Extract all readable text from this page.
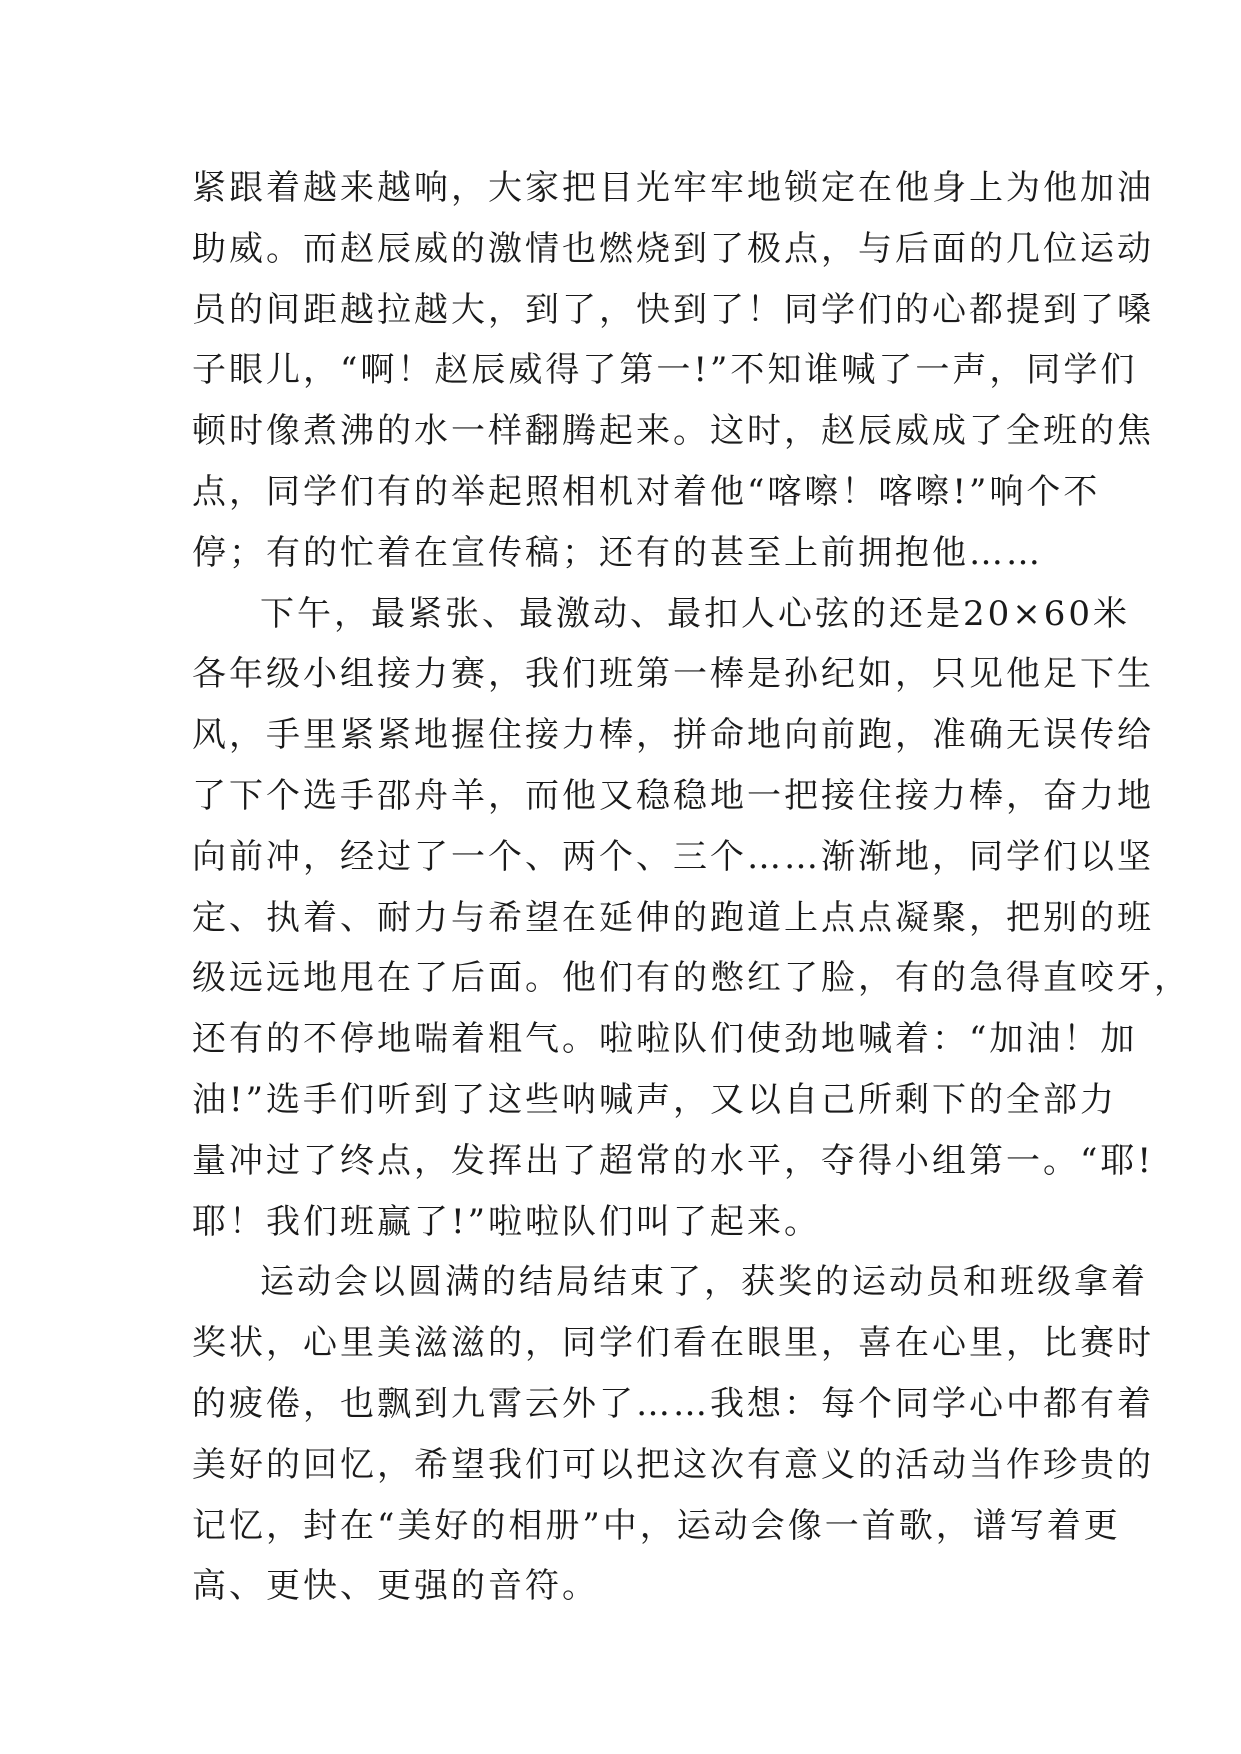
紧跟着越来越响，大家把目光牢牢地锁定在他身上为他加油
助威。而赵辰威的激情也燃烧到了极点，与后面的几位运动
员的间距越拉越大，到了，快到了！同学们的心都提到了嗓
子眼儿，“啊！赵辰威得了第一!”不知谁喊了一声，同学们
顿时像煮沸的水一样翻腾起来。这时，赵辰威成了全班的焦
点，同学们有的举起照相机对着他“喀嚓！喀嚓!”响个不
停；有的忙着在宣传稿；还有的甚至上前拥抱他……
下午，最紧张、最激动、最扣人心弦的还是20×60米
各年级小组接力赛，我们班第一棒是孙纪如，只见他足下生
风，手里紧紧地握住接力棒，拼命地向前跑，准确无误传给
了下个选手邵舟羊，而他又稳稳地一把接住接力棒，奋力地
向前冲，经过了一个、两个、三个……渐渐地，同学们以坚
定、执着、耐力与希望在延伸的跑道上点点凝聚，把别的班
级远远地甩在了后面。他们有的憋红了脸，有的急得直咬牙，
还有的不停地喘着粗气。啦啦队们使劲地喊着：“加油！加
油!”选手们听到了这些呐喊声，又以自己所剩下的全部力
量冲过了终点，发挥出了超常的水平，夺得小组第一。“耶!
耶！我们班赢了!”啦啦队们叫了起来。
运动会以圆满的结局结束了，获奖的运动员和班级拿着
奖状，心里美滋滋的，同学们看在眼里，喜在心里，比赛时
的疲倦，也飘到九霄云外了……我想：每个同学心中都有着
美好的回忆，希望我们可以把这次有意义的活动当作珍贵的
记忆，封在“美好的相册”中，运动会像一首歌，谱写着更
高、更快、更强的音符。
